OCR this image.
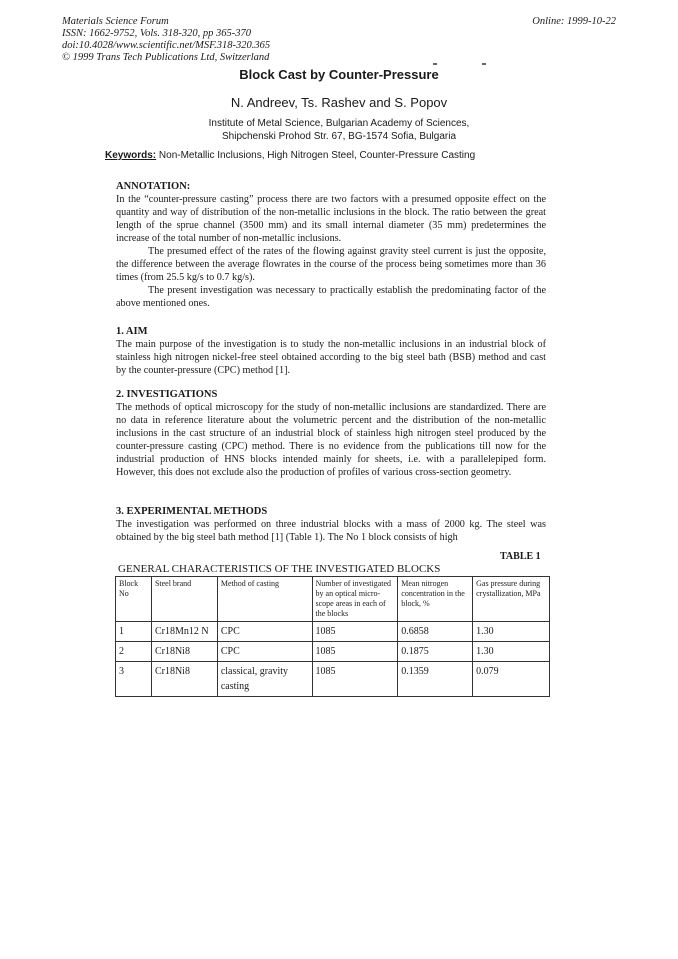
Materials Science Forum
ISSN: 1662-9752, Vols. 318-320, pp 365-370
doi:10.4028/www.scientific.net/MSF.318-320.365
© 1999 Trans Tech Publications Ltd, Switzerland
Online: 1999-10-22
Block Cast by Counter-Pressure
N. Andreev, Ts. Rashev and S. Popov
Institute of Metal Science, Bulgarian Academy of Sciences,
Shipchenski Prohod Str. 67, BG-1574 Sofia, Bulgaria
Keywords: Non-Metallic Inclusions, High Nitrogen Steel, Counter-Pressure Casting
ANNOTATION:

In the “counter-pressure casting” process there are two factors with a presumed opposite effect on the quantity and way of distribution of the non-metallic inclusions in the block. The ratio between the great length of the sprue channel (3500 mm) and its small internal diameter (35 mm) predetermines the increase of the total number of non-metallic inclusions.

The presumed effect of the rates of the flowing against gravity steel current is just the opposite, the difference between the average flowrates in the course of the process being sometimes more than 36 times (from 25.5 kg/s to 0.7 kg/s).

The present investigation was necessary to practically establish the predominating factor of the above mentioned ones.

1. AIM

The main purpose of the investigation is to study the non-metallic inclusions in an industrial block of stainless high nitrogen nickel-free steel obtained according to the big steel bath (BSB) method and cast by the counter-pressure (CPC) method [1].

2. INVESTIGATIONS

The methods of optical microscopy for the study of non-metallic inclusions are standardized. There are no data in reference literature about the volumetric percent and the distribution of the non-metallic inclusions in the cast structure of an industrial block of stainless high nitrogen steel produced by the counter-pressure casting (CPC) method. There is no evidence from the publications till now for the industrial production of HNS blocks intended mainly for sheets, i.e. with a parallelepiped form. However, this does not exclude also the production of profiles of various cross-section geometry.

3. EXPERIMENTAL METHODS

The investigation was performed on three industrial blocks with a mass of 2000 kg. The steel was obtained by the big steel bath method [1] (Table 1). The No 1 block consists of high

TABLE 1
GENERAL CHARACTERISTICS OF THE INVESTIGATED BLOCKS
Block No	Steel brand	Method of casting	Number of investigated by an optical micro- scope areas in each of the blocks	Mean nitrogen concentration in the block, %	Gas pressure during crystallization, MPa
1	Cr18Mn12 N	CPC	1085	0.6858	1.30
2	Cr18Ni8	CPC	1085	0.1875	1.30
3	Cr18Ni8	classical, gravity casting	1085	0.1359	0.079
